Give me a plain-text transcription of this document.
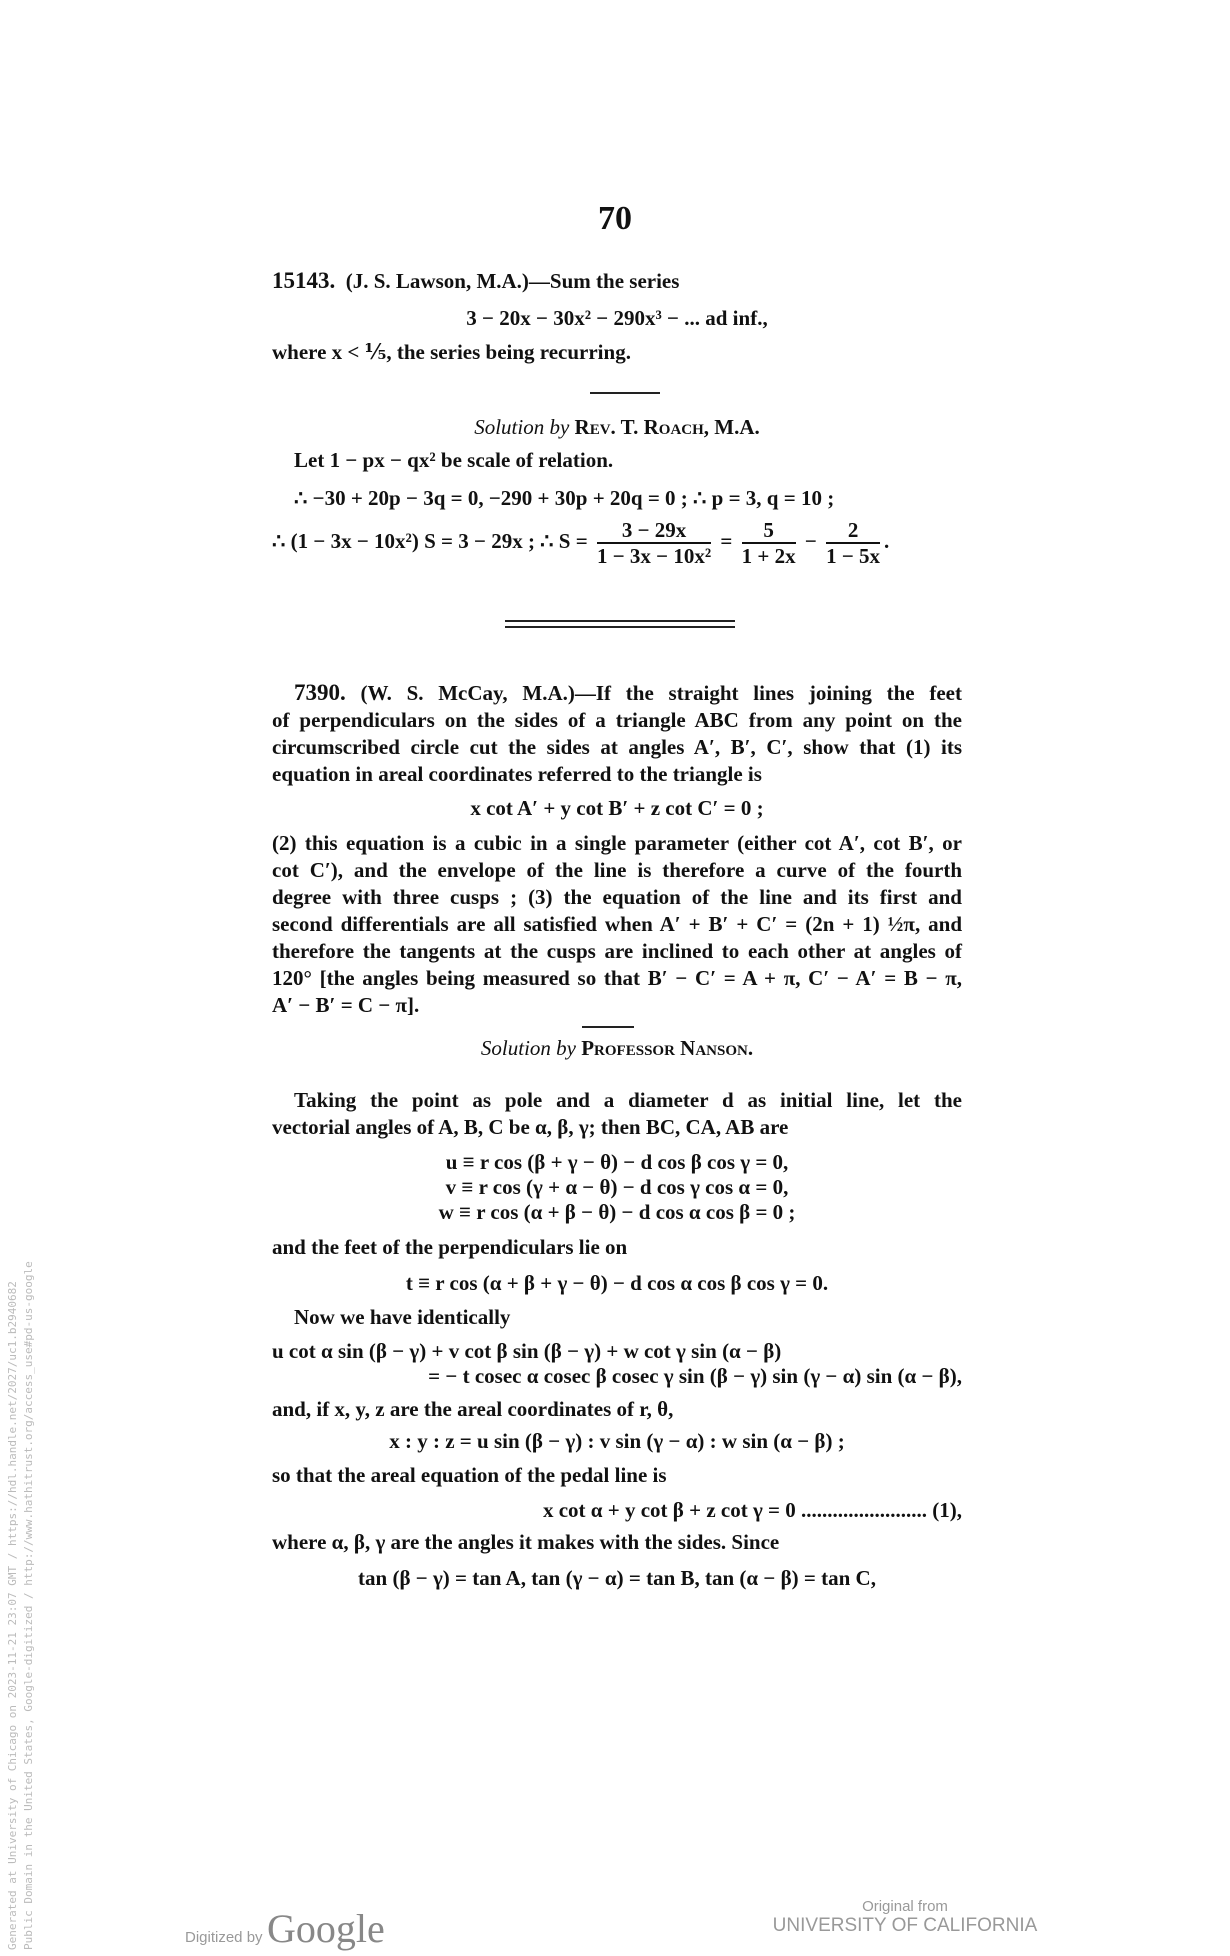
70
15143. (J. S. Lawson, M.A.)—Sum the series
3 − 20x − 30x² − 290x³ − ... ad inf.,
where x < ⅕, the series being recurring.
Solution by Rev. T. Roach, M.A.
Let 1 − px − qx² be scale of relation.
∴ −30 + 20p − 3q = 0, −290 + 30p + 20q = 0 ; ∴ p = 3, q = 10 ;
∴ (1 − 3x − 10x²) S = 3 − 29x ; ∴ $S = \frac{3 - 29x}{\text{1 − 3x − 10x²}} = \frac{5}{1 + 2x} - \frac{2}{1 - 5x}$ .
7390. (W. S. McCay, M.A.)—If the straight lines joining the feet
of perpendiculars on the sides of a triangle ABC from any point on the
circumscribed circle cut the sides at angles A′, B′, C′, show that (1) its
equation in areal coordinates referred to the triangle is
x cot A′ + y cot B′ + z cot C′ = 0 ;
(2) this equation is a cubic in a single parameter (either cot A′, cot B′, or
cot C′), and the envelope of the line is therefore a curve of the fourth
degree with three cusps ; (3) the equation of the line and its first and
second differentials are all satisfied when A′ + B′ + C′ = (2n + 1) ½π, and
therefore the tangents at the cusps are inclined to each other at angles of
120° [the angles being measured so that B′ − C′ = A + π, C′ − A′ = B − π,
A′ − B′ = C − π].
Solution by Professor Nanson.
Taking the point as pole and a diameter d as initial line, let the
vectorial angles of A, B, C be α, β, γ; then BC, CA, AB are
u ≡ r cos (β + γ − θ) − d cos β cos γ = 0,
v ≡ r cos (γ + α − θ) − d cos γ cos α = 0,
w ≡ r cos (α + β − θ) − d cos α cos β = 0 ;
and the feet of the perpendiculars lie on
t ≡ r cos (α + β + γ − θ) − d cos α cos β cos γ = 0.
Now we have identically
u cot α sin (β − γ) + v cot β sin (β − γ) + w cot γ sin (α − β)
= − t cosec α cosec β cosec γ sin (β − γ) sin (γ − α) sin (α − β),
and, if x, y, z are the areal coordinates of r, θ,
x : y : z = u sin (β − γ) : v sin (γ − α) : w sin (α − β) ;
so that the areal equation of the pedal line is
x cot α + y cot β + z cot γ = 0 ........................ (1),
where α, β, γ are the angles it makes with the sides. Since
tan (β − γ) = tan A, tan (γ − α) = tan B, tan (α − β) = tan C,
Generated at University of Chicago on 2023-11-21 23:07 GMT / https://hdl.handle.net/2027/uc1.b2940682 Public Domain in the United States, Google-digitized / http://www.hathitrust.org/access_use#pd-us-google	Digitized by Google	Original from
UNIVERSITY OF CALIFORNIA
